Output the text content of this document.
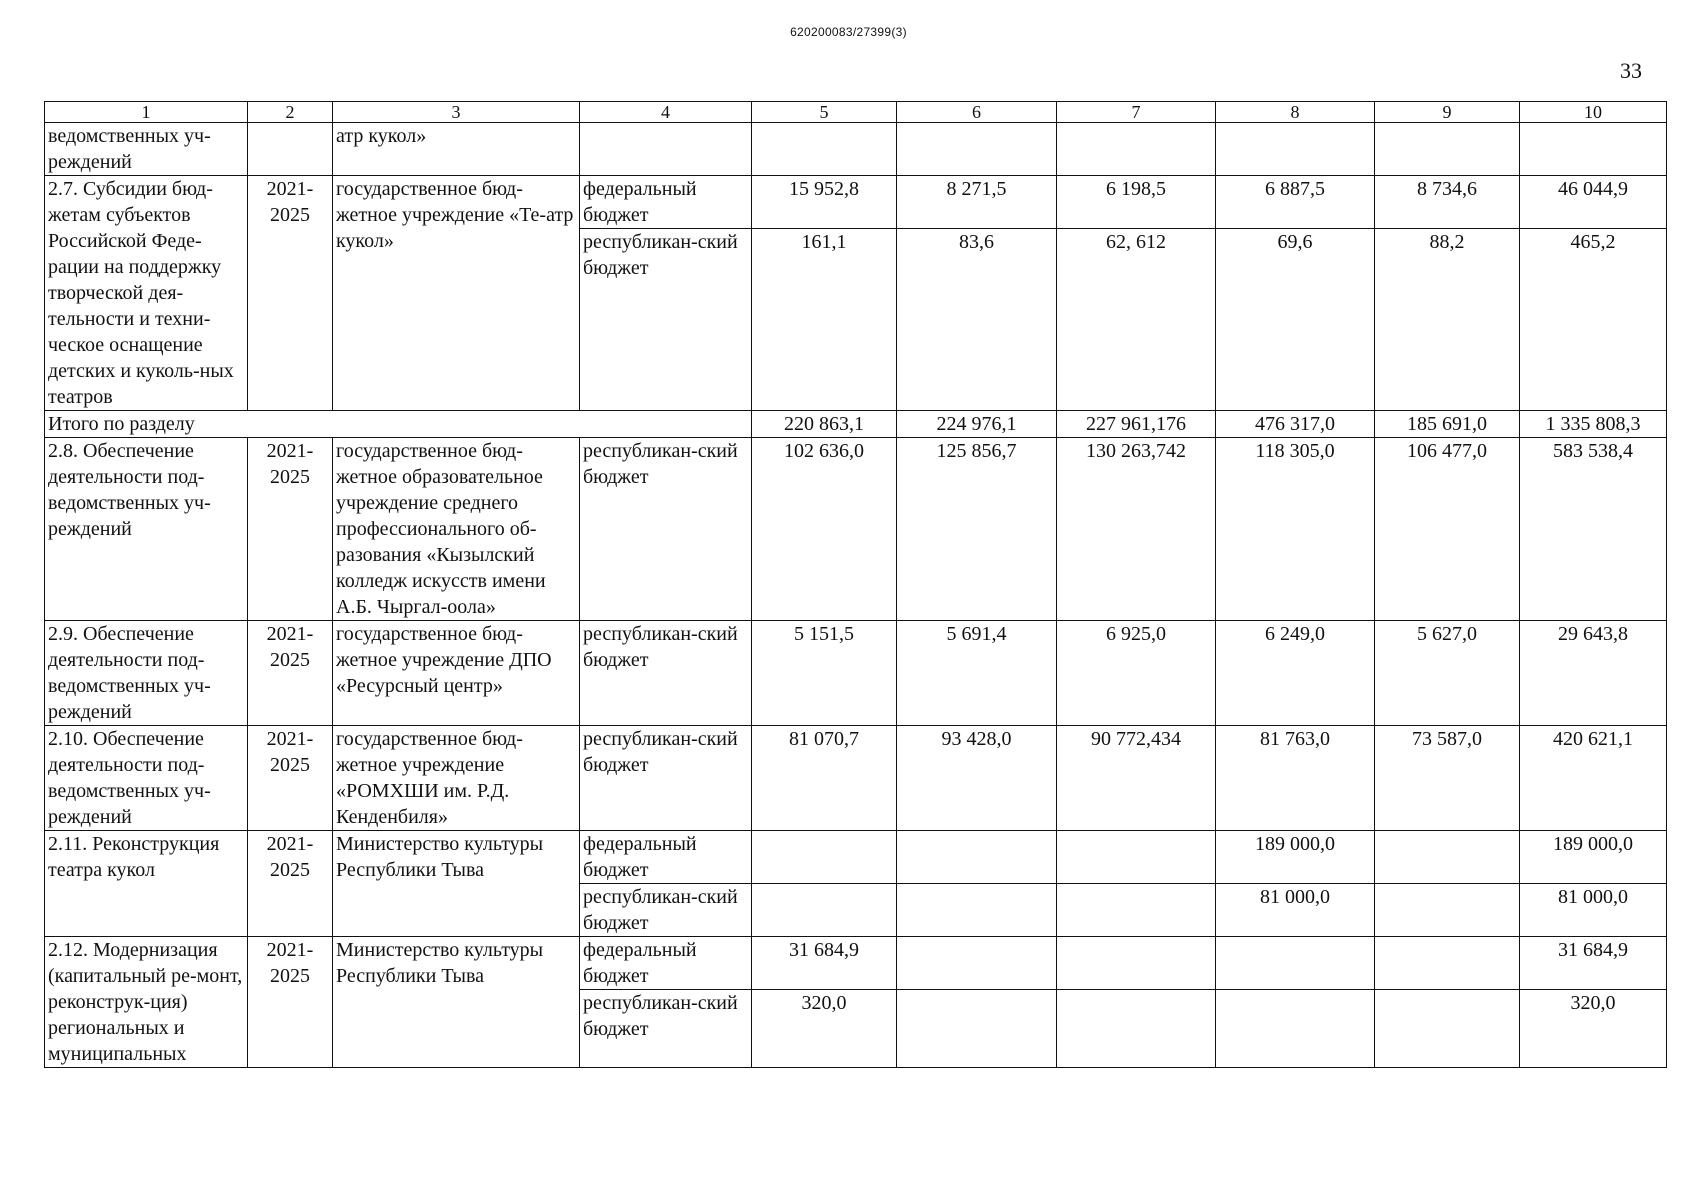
620200083/27399(3)
33
1	2	3	4	5	6	7	8	9	10
ведомственных уч-реждений		атр кукол»							
2.7. Субсидии бюд-жетам субъектов Российской Феде-рации на поддержку творческой дея-тельности и техни-ческое оснащение детских и куколь-ных театров	2021-2025	государственное бюд-жетное учреждение «Те-атр кукол»	федеральный бюджет	15 952,8	8 271,5	6 198,5	6 887,5	8 734,6	46 044,9
			республикан-ский бюджет	161,1	83,6	62, 612	69,6	88,2	465,2
Итого по разделу				220 863,1	224 976,1	227 961,176	476 317,0	185 691,0	1 335 808,3
2.8. Обеспечение деятельности под-ведомственных уч-реждений	2021-2025	государственное бюд-жетное образовательное учреждение среднего профессионального об-разования «Кызылский колледж искусств имени А.Б. Чыргал-оола»	республикан-ский бюджет	102 636,0	125 856,7	130 263,742	118 305,0	106 477,0	583 538,4
2.9. Обеспечение деятельности под-ведомственных уч-реждений	2021-2025	государственное бюд-жетное учреждение ДПО «Ресурсный центр»	республикан-ский бюджет	5 151,5	5 691,4	6 925,0	6 249,0	5 627,0	29 643,8
2.10. Обеспечение деятельности под-ведомственных уч-реждений	2021-2025	государственное бюд-жетное учреждение «РОМХШИ им. Р.Д. Кенденбиля»	республикан-ский бюджет	81 070,7	93 428,0	90 772,434	81 763,0	73 587,0	420 621,1
2.11. Реконструкция театра кукол	2021-2025	Министерство культуры Республики Тыва	федеральный бюджет				189 000,0		189 000,0
			республикан-ский бюджет				81 000,0		81 000,0
2.12. Модернизация (капитальный ре-монт, реконструк-ция) региональных и муниципальных	2021-2025	Министерство культуры Республики Тыва	федеральный бюджет	31 684,9					31 684,9
			республикан-ский бюджет	320,0					320,0
